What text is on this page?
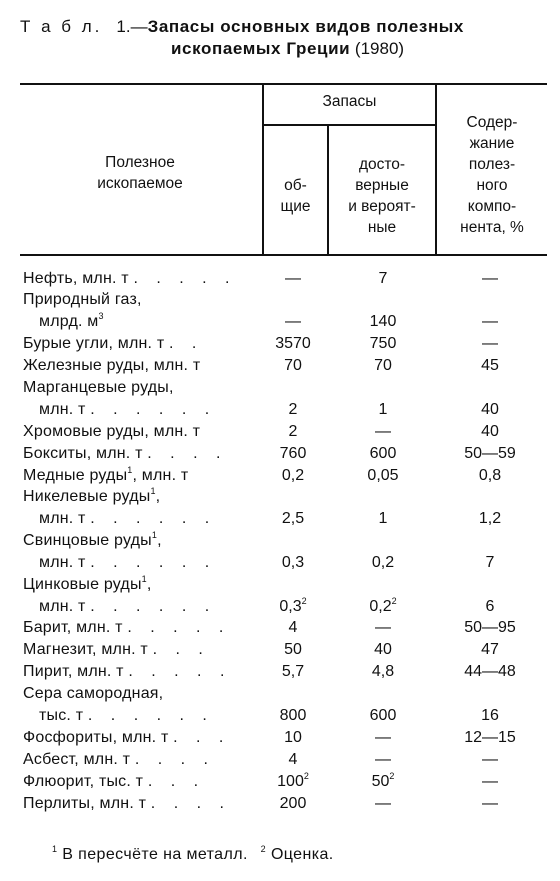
Т а б л. 1.—Запасы основных видов полезных
ископаемых Греции (1980)
Полезное
ископаемое
Запасы
об-
щие
досто-
верные
и вероят-
ные
Содер-
жание
полез-
ного
компо-
нента, %
Нефть, млн. т . . . . .	—	7	—
Природный газ,
млрд. $м^3$	—	140	—
Бурые угли, млн. т . .	3570	750	—
Железные руды, млн. т	70	70	45
Марганцевые руды,
млн. т . . . . . .	2	1	40
Хромовые руды, млн. т	2	—	40
Бокситы, млн. т . . . .	760	600	50—59
Медные руды$^1$, млн. т	0,2	0,05	0,8
Никелевые руды$^1$,
млн. т . . . . . .	2,5	1	1,2
Свинцовые руды$^1$,
млн. т . . . . . .	0,3	0,2	7
Цинковые руды$^1$,
млн. т . . . . . .	$0,3^2$	$0,2^2$	6
Барит, млн. т . . . . .	4	—	50—95
Магнезит, млн. т . . .	50	40	47
Пирит, млн. т . . . . .	5,7	4,8	44—48
Сера самородная,
тыс. т . . . . . .	800	600	16
Фосфориты, млн. т . . .	10	—	12—15
Асбест, млн. т . . . .	4	—	—
Флюорит, тыс. т . . .	$100^2$	$50^2$	—
Перлиты, млн. т . . . .	200	—	—
$^1$ В пересчёте на металл. $^2$ Оценка.
